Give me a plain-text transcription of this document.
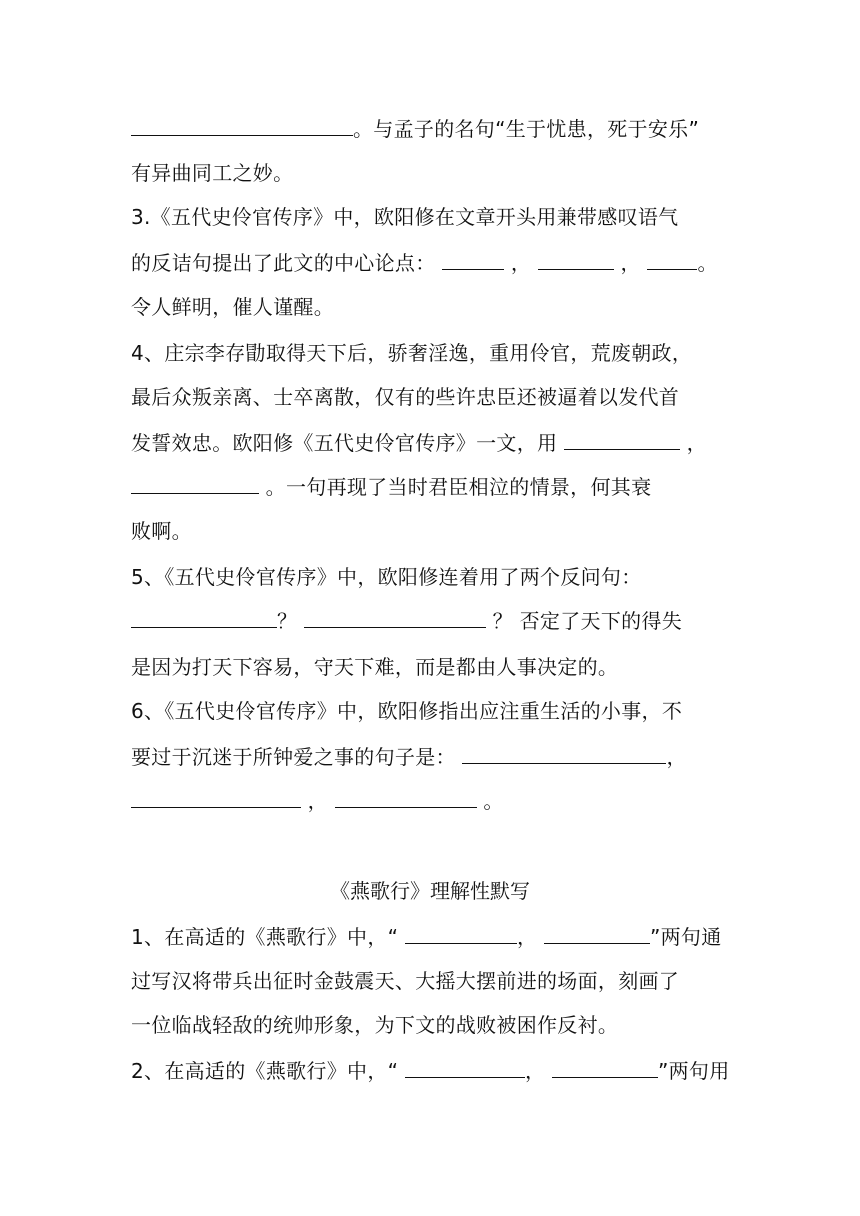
。与孟子的名句“生于忧患，死于安乐”
有异曲同工之妙。
3.《五代史伶官传序》中，欧阳修在文章开头用兼带感叹语气
的反诘句提出了此文的中心论点：	，	，	。
令人鲜明，催人谨醒。
4、庄宗李存勖取得天下后，骄奢淫逸，重用伶官，荒废朝政，
最后众叛亲离、士卒离散，仅有的些许忠臣还被逼着以发代首
发誓效忠。欧阳修《五代史伶官传序》一文，用	，
。一句再现了当时君臣相泣的情景，何其衰
败啊。
5、《五代史伶官传序》中，欧阳修连着用了两个反问句：
？	？ 否定了天下的得失
是因为打天下容易，守天下难，而是都由人事决定的。
6、《五代史伶官传序》中，欧阳修指出应注重生活的小事，不
要过于沉迷于所钟爱之事的句子是：	，
，	。
《燕歌行》理解性默写
1、在高适的《燕歌行》中，“	，	”两句通
过写汉将带兵出征时金鼓震天、大摇大摆前进的场面，刻画了
一位临战轻敌的统帅形象，为下文的战败被困作反衬。
2、在高适的《燕歌行》中，“	，	”两句用
